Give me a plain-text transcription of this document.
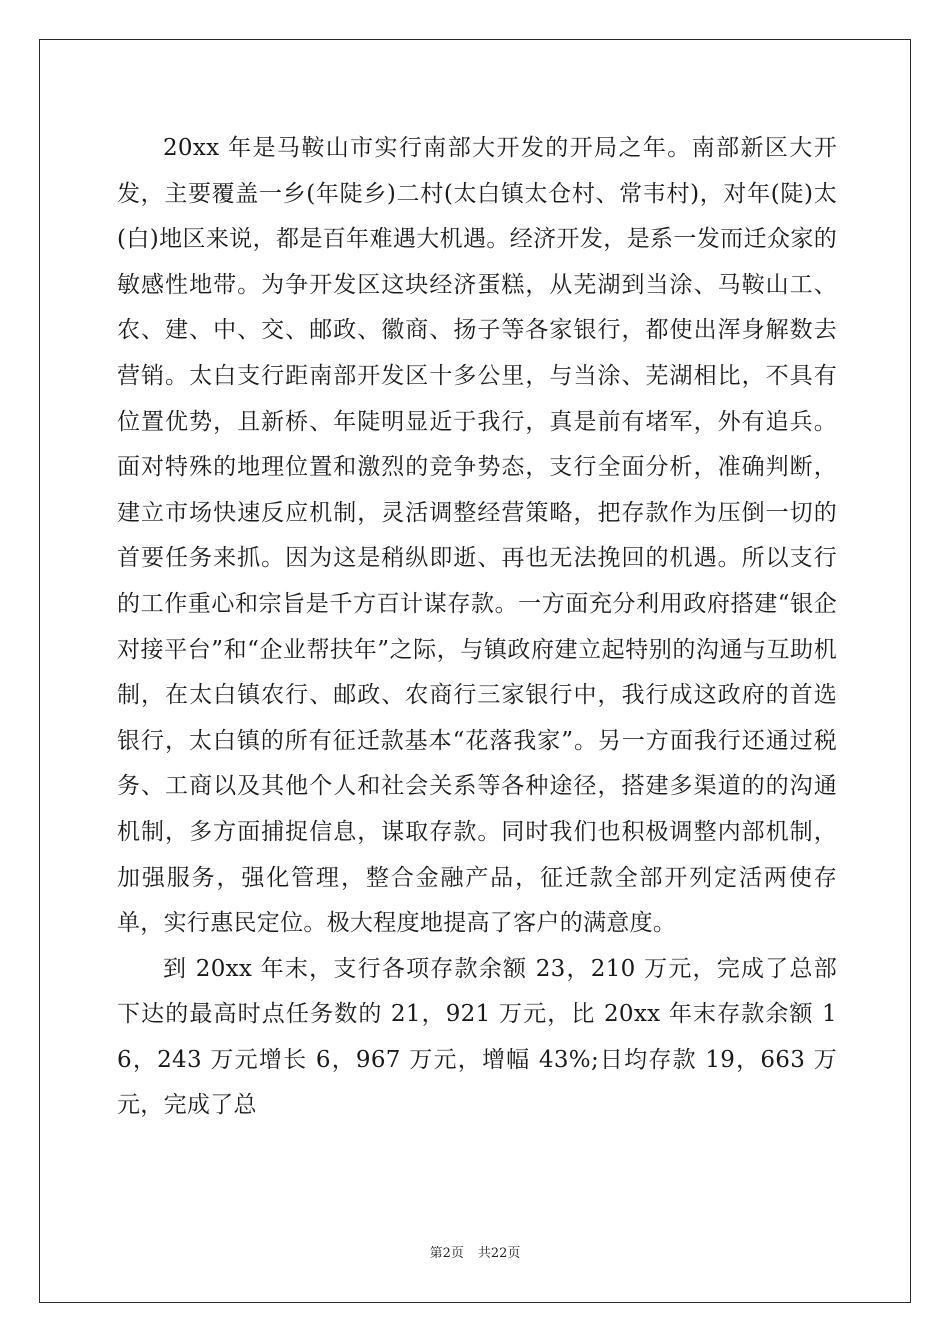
20xx 年是马鞍山市实行南部大开发的开局之年。南部新区大开发，主要覆盖一乡(年陡乡)二村(太白镇太仓村、常韦村)，对年(陡)太(白)地区来说，都是百年难遇大机遇。经济开发，是系一发而迁众家的敏感性地带。为争开发区这块经济蛋糕，从芜湖到当涂、马鞍山工、农、建、中、交、邮政、徽商、扬子等各家银行，都使出浑身解数去营销。太白支行距南部开发区十多公里，与当涂、芜湖相比，不具有位置优势，且新桥、年陡明显近于我行，真是前有堵军，外有追兵。面对特殊的地理位置和激烈的竞争势态，支行全面分析，准确判断，建立市场快速反应机制，灵活调整经营策略，把存款作为压倒一切的首要任务来抓。因为这是稍纵即逝、再也无法挽回的机遇。所以支行的工作重心和宗旨是千方百计谋存款。一方面充分利用政府搭建“银企对接平台”和“企业帮扶年”之际，与镇政府建立起特别的沟通与互助机制，在太白镇农行、邮政、农商行三家银行中，我行成这政府的首选银行，太白镇的所有征迁款基本“花落我家”。另一方面我行还通过税务、工商以及其他个人和社会关系等各种途径，搭建多渠道的的沟通机制，多方面捕捉信息，谋取存款。同时我们也积极调整内部机制，加强服务，强化管理，整合金融产品，征迁款全部开列定活两使存单，实行惠民定位。极大程度地提高了客户的满意度。

到 20xx 年末，支行各项存款余额 23，210 万元，完成了总部下达的最高时点任务数的 21，921 万元，比 20xx 年末存款余额 16，243 万元增长 6，967 万元，增幅 43%;日均存款 19，663 万元，完成了总

第2页 共22页
